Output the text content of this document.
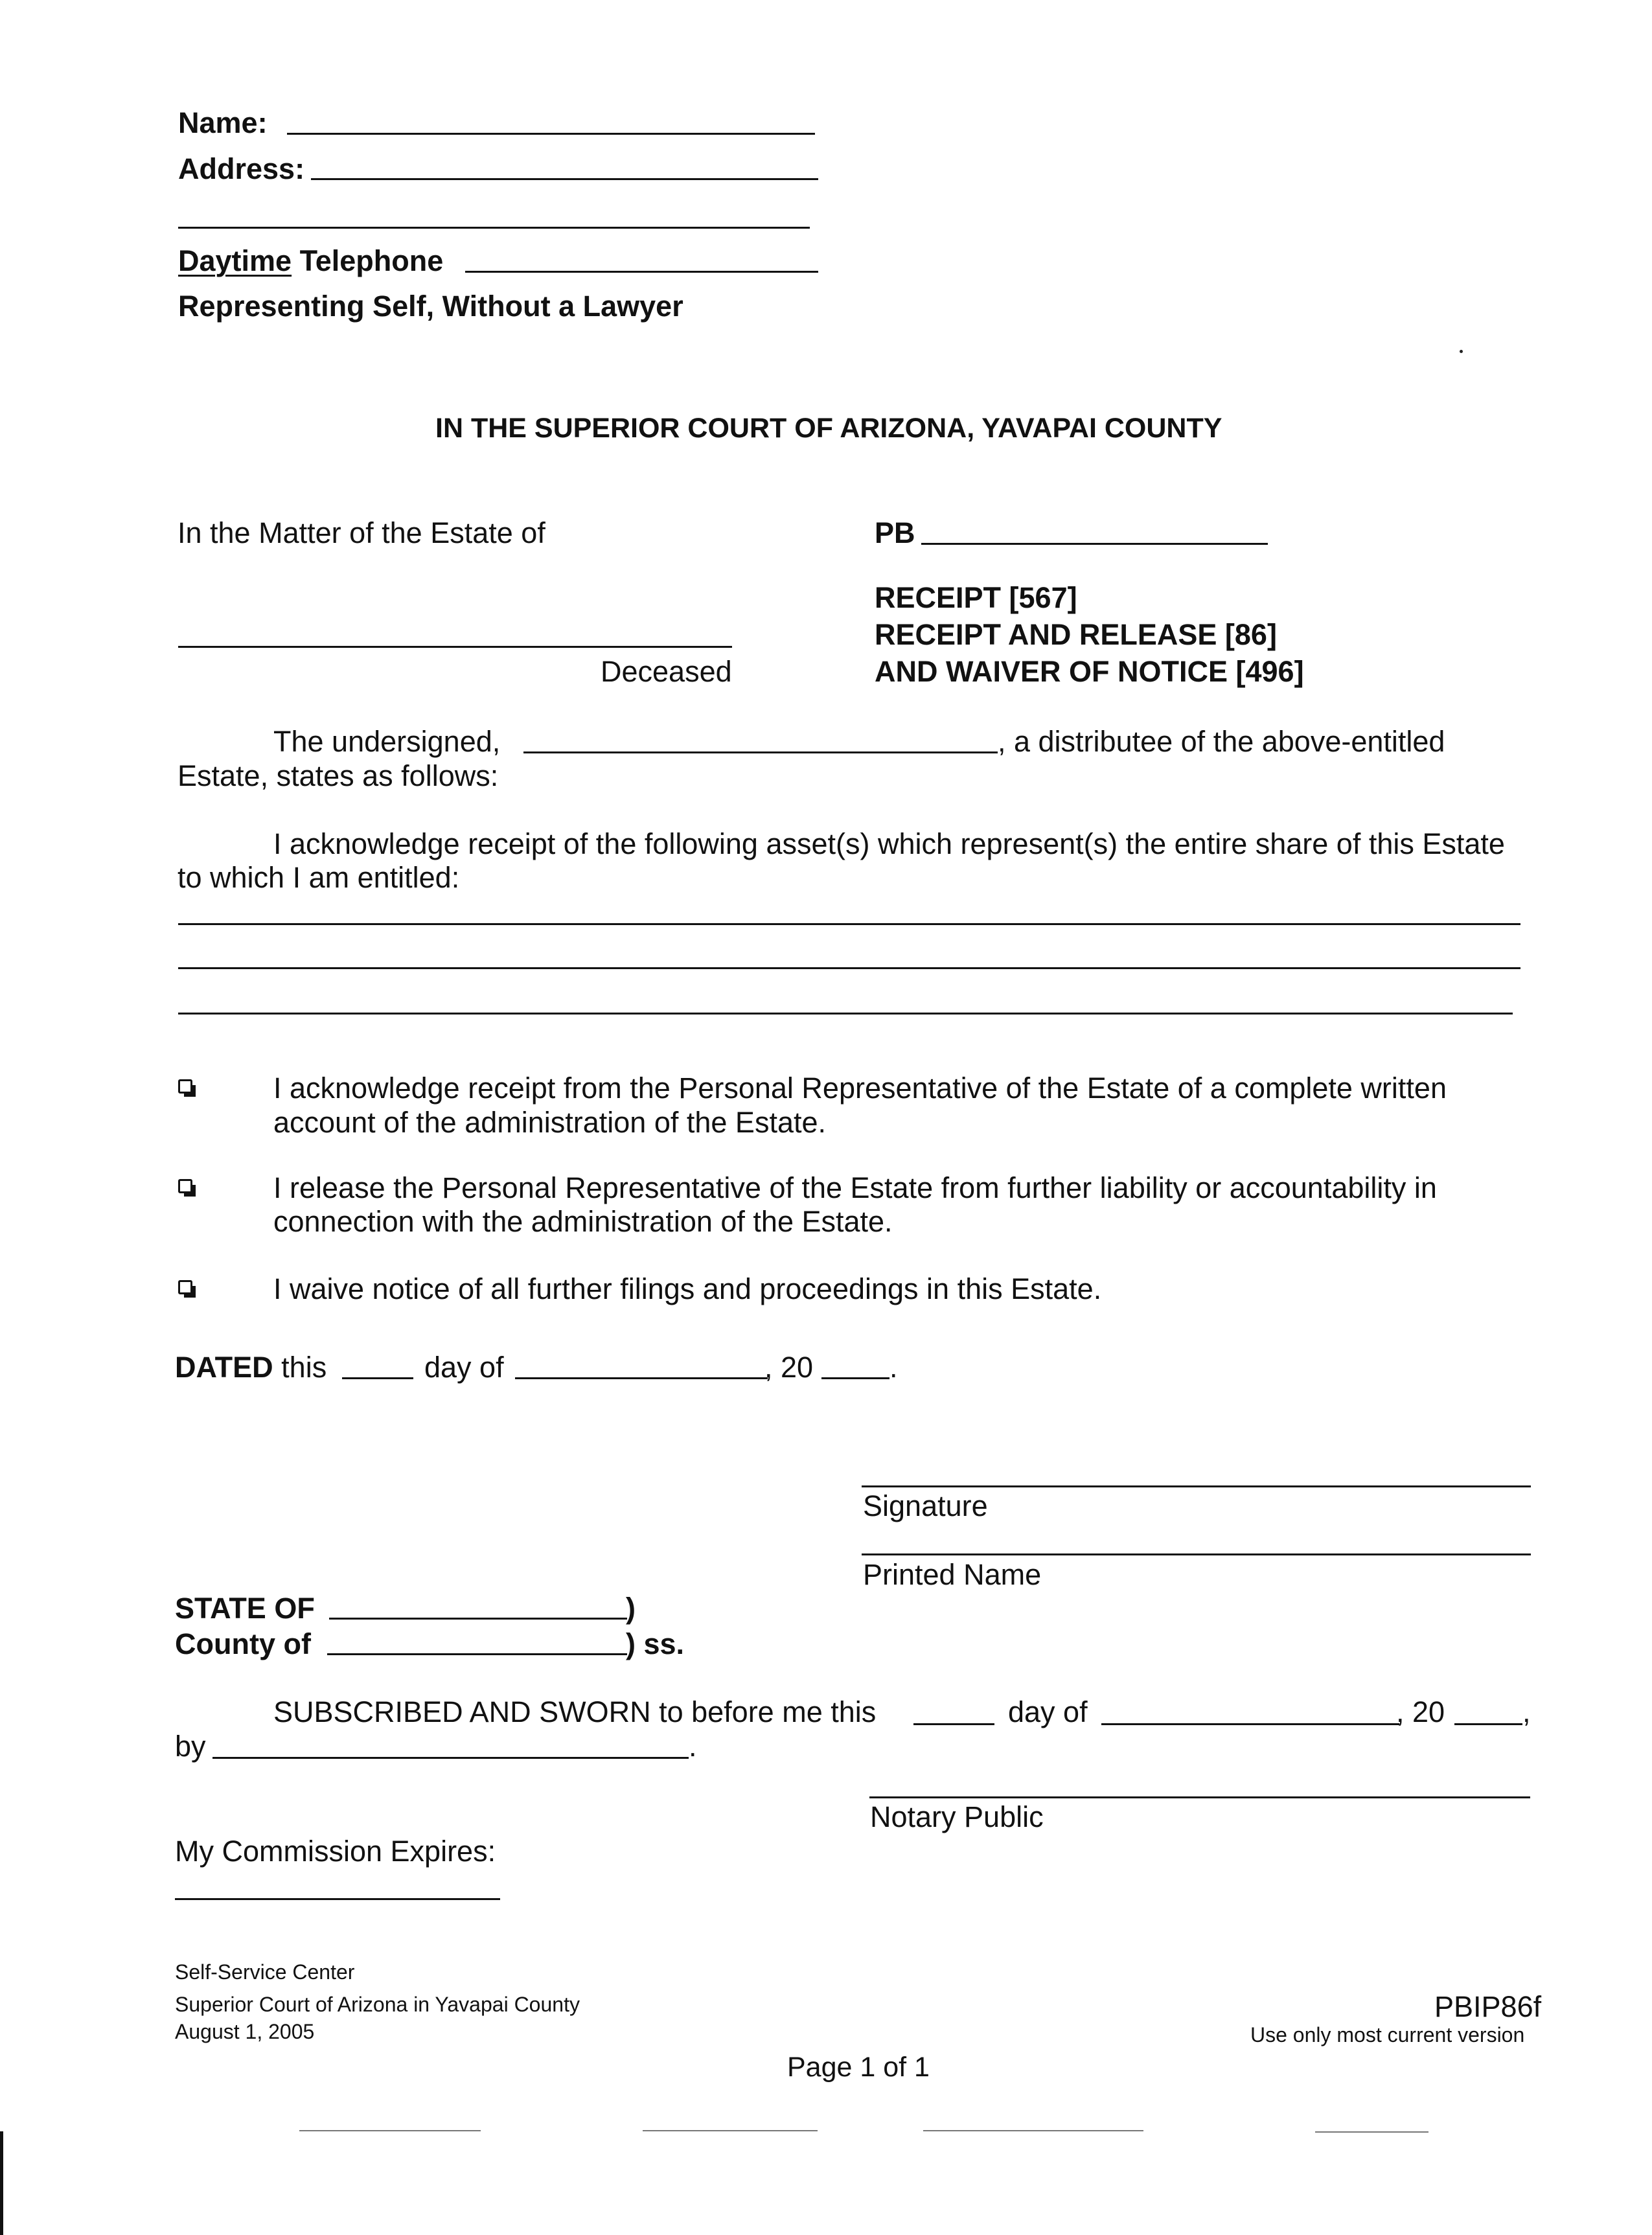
Name:
Address:
Daytime Telephone
Representing Self, Without a Lawyer
IN THE SUPERIOR COURT OF ARIZONA, YAVAPAI COUNTY
In the Matter of the Estate of
Deceased
PB
RECEIPT [567]
RECEIPT AND RELEASE [86]
AND WAIVER OF NOTICE [496]
The undersigned,	, a distributee of the above-entitled
Estate, states as follows:
I acknowledge receipt of the following asset(s) which represent(s) the entire share of this Estate
to which I am entitled:
I acknowledge receipt from the Personal Representative of the Estate of a complete written
account of the administration of the Estate.
I release the Personal Representative of the Estate from further liability or accountability in
connection with the administration of the Estate.
I waive notice of all further filings and proceedings in this Estate.
DATED this	day of	, 20	.
Signature
Printed Name
STATE OF	)
County of	) ss.
SUBSCRIBED AND SWORN to before me this	day of	, 20	,
by	.
Notary Public
My Commission Expires:
Self-Service Center
Superior Court of Arizona in Yavapai County
August 1, 2005
PBIP86f
Use only most current version
Page 1 of 1
